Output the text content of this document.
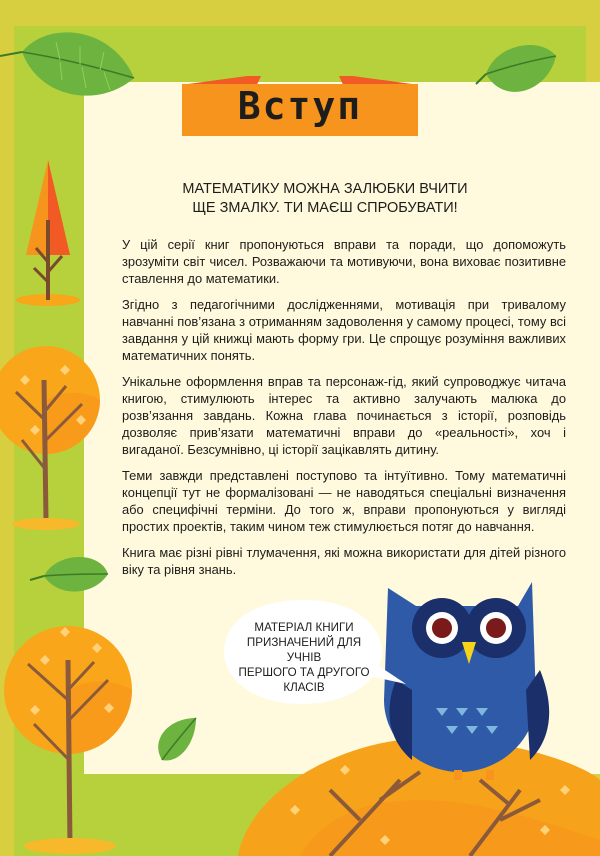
Вступ
МАТЕМАТИКУ МОЖНА ЗАЛЮБКИ ВЧИТИ
ЩЕ ЗМАЛКУ. ТИ МАЄШ СПРОБУВАТИ!

У цій серії книг пропонуються вправи та поради, що допоможуть зрозуміти світ чисел. Розважаючи та мотивуючи, вона виховає позитивне ставлення до математики.

Згідно з педагогічними дослідженнями, мотивація при тривалому навчанні пов’язана з отриманням задоволення у самому процесі, тому всі завдання у цій книжці мають форму гри. Це спрощує розуміння важливих математичних понять.

Унікальне оформлення вправ та персонаж-гід, який супроводжує читача книгою, стимулюють інтерес та активно залучають малюка до розв’язання завдань. Кожна глава починається з історії, розповідь дозволяє прив’язати математичні вправи до «реальності», хоч і вигаданої. Безсумнівно, ці історії зацікавлять дитину.

Теми завжди представлені поступово та інтуїтивно. Тому математичні концепції тут не формалізовані — не наводяться спеціальні визначення або специфічні терміни. До того ж, вправи пропонуються у вигляді простих проектів, таким чином теж стимулюється потяг до навчання.

Книга має різні рівні тлумачення, які можна використати для дітей різного віку та рівня знань.

МАТЕРІАЛ КНИГИ
ПРИЗНАЧЕНИЙ ДЛЯ УЧНІВ
ПЕРШОГО ТА ДРУГОГО
КЛАСІВ
